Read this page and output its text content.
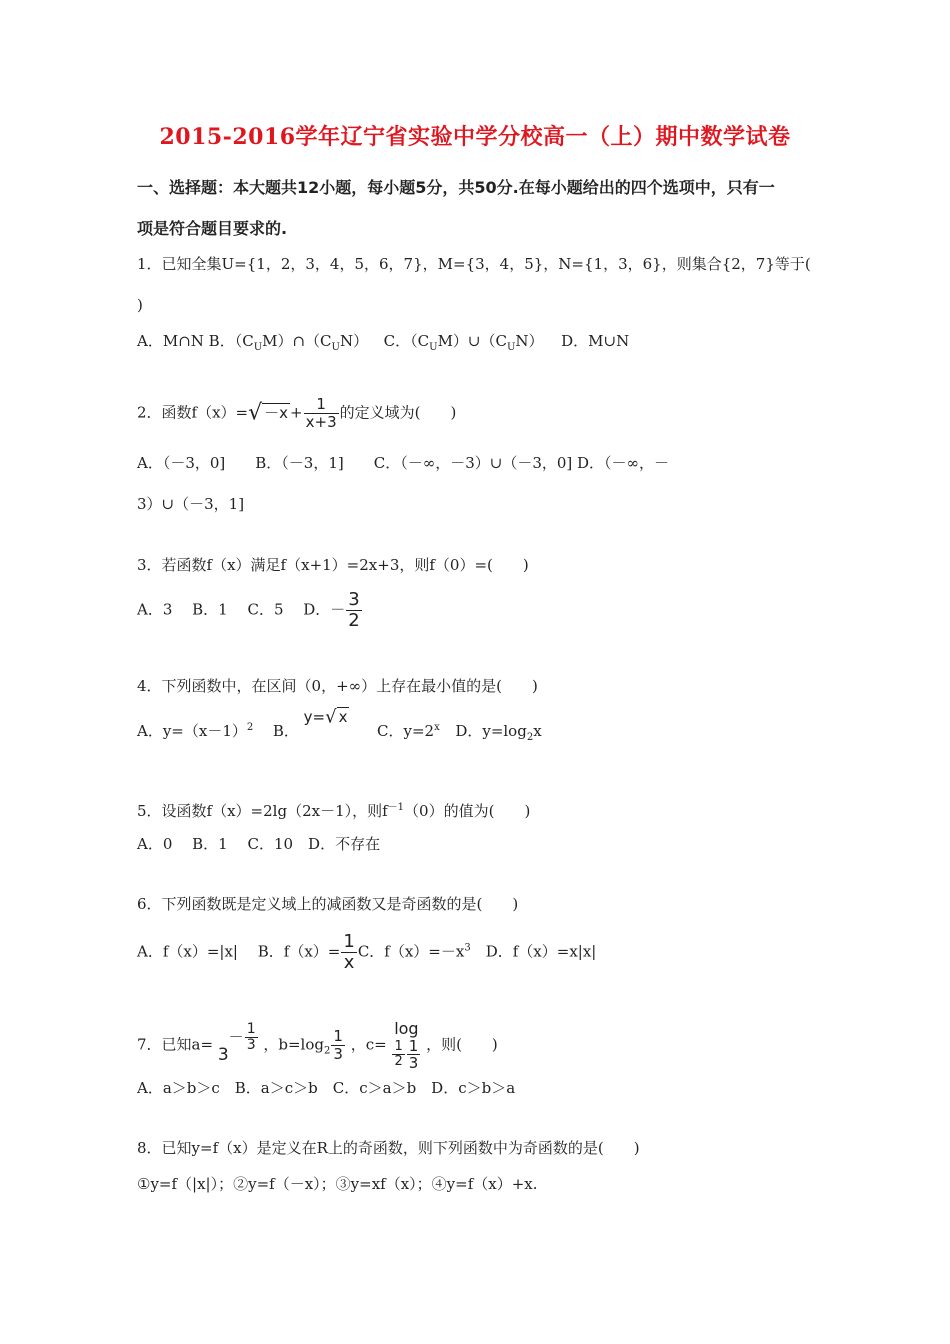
2015-2016学年辽宁省实验中学分校高一（上）期中数学试卷
一、选择题：本大题共12小题，每小题5分，共50分.在每小题给出的四个选项中，只有一
项是符合题目要求的.
1．已知全集U={1，2，3，4，5，6，7}，M={3，4，5}，N={1，3，6}，则集合{2，7}等于(
)
A．M∩N B．$(C_UM)\cap(C_UN)$ C．$(C_UM)\cup(C_UN)$ D．M∪N
2．函数$f(x)=√ -x + \frac{1}{x+3}$ 的定义域为(　　)
A．（－3，0]　　B．（－3，1]　　C．（－∞，－3）∪（－3，0] D．（－∞，－
3）∪（－3，1]
3．若函数f（x）满足f（x+1）=2x+3，则f（0）=(　　)
A．3　 B．1　 C．5　 D．－ $\frac{3}{2}$
4．下列函数中，在区间（0，+∞）上存在最小值的是(　　)
A．$y=(x-1)^2$ B． y=√ x  C．$y=2^x$ D．$y=\log_2x$
5．设函数f（x）=2lg（2x－1），则$f^{-1}(0)$的值为(　　)
A．0　 B．1　 C．10　D．不存在
6．下列函数既是定义域上的减函数又是奇函数的是(　　)
A．f（x）=|x|　 B．$f(x)= \frac{1}{x}$ C．$f(x)=-x^3$　D．f（x）=x|x|
7．已知$a= 3- \frac{1}{3}$ ，$b=\log_2 \frac{1}{3}$ ，c=
log
$\frac{1}{2} \frac{1}{3}$ ，则(　　)
A．a＞b＞c　B．a＞c＞b　C．c＞a＞b　D．c＞b＞a
8．已知y=f（x）是定义在R上的奇函数，则下列函数中为奇函数的是(　　)
①y=f（|x|）；②y=f（－x）；③y=xf（x）；④y=f（x）+x.
